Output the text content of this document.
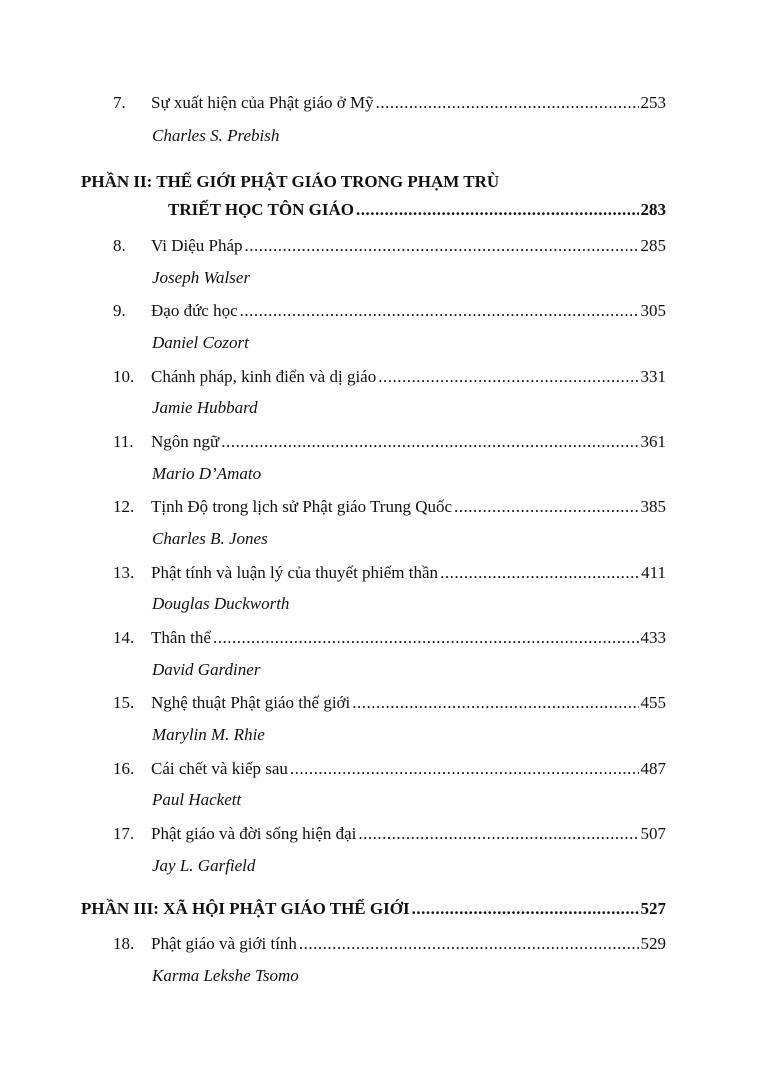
7.	Sự xuất hiện của Phật giáo ở Mỹ .....	253
Charles S. Prebish
PHẦN II: THẾ GIỚI PHẬT GIÁO TRONG PHẠM TRÙ
TRIẾT HỌC TÔN GIÁO .....	283
8.	Vi Diệu Pháp .....	285
Joseph Walser
9.	Đạo đức học .....	305
Daniel Cozort
10. Chánh pháp, kinh điển và dị giáo .....	331
Jamie Hubbard
11.	Ngôn ngữ .....	361
Mario D’Amato
12. Tịnh Độ trong lịch sử Phật giáo Trung Quốc .....	385
Charles B. Jones
13. Phật tính và luận lý của thuyết phiếm thần .....	411
Douglas Duckworth
14. Thân thể .....	433
David Gardiner
15. Nghệ thuật Phật giáo thế giới .....	455
Marylin M. Rhie
16. Cái chết và kiếp sau .....	487
Paul Hackett
17. Phật giáo và đời sống hiện đại .....	507
Jay L. Garfield
PHẦN III: XÃ HỘI PHẬT GIÁO THẾ GIỚI .....	527
18. Phật giáo và giới tính .....	529
Karma Lekshe Tsomo
